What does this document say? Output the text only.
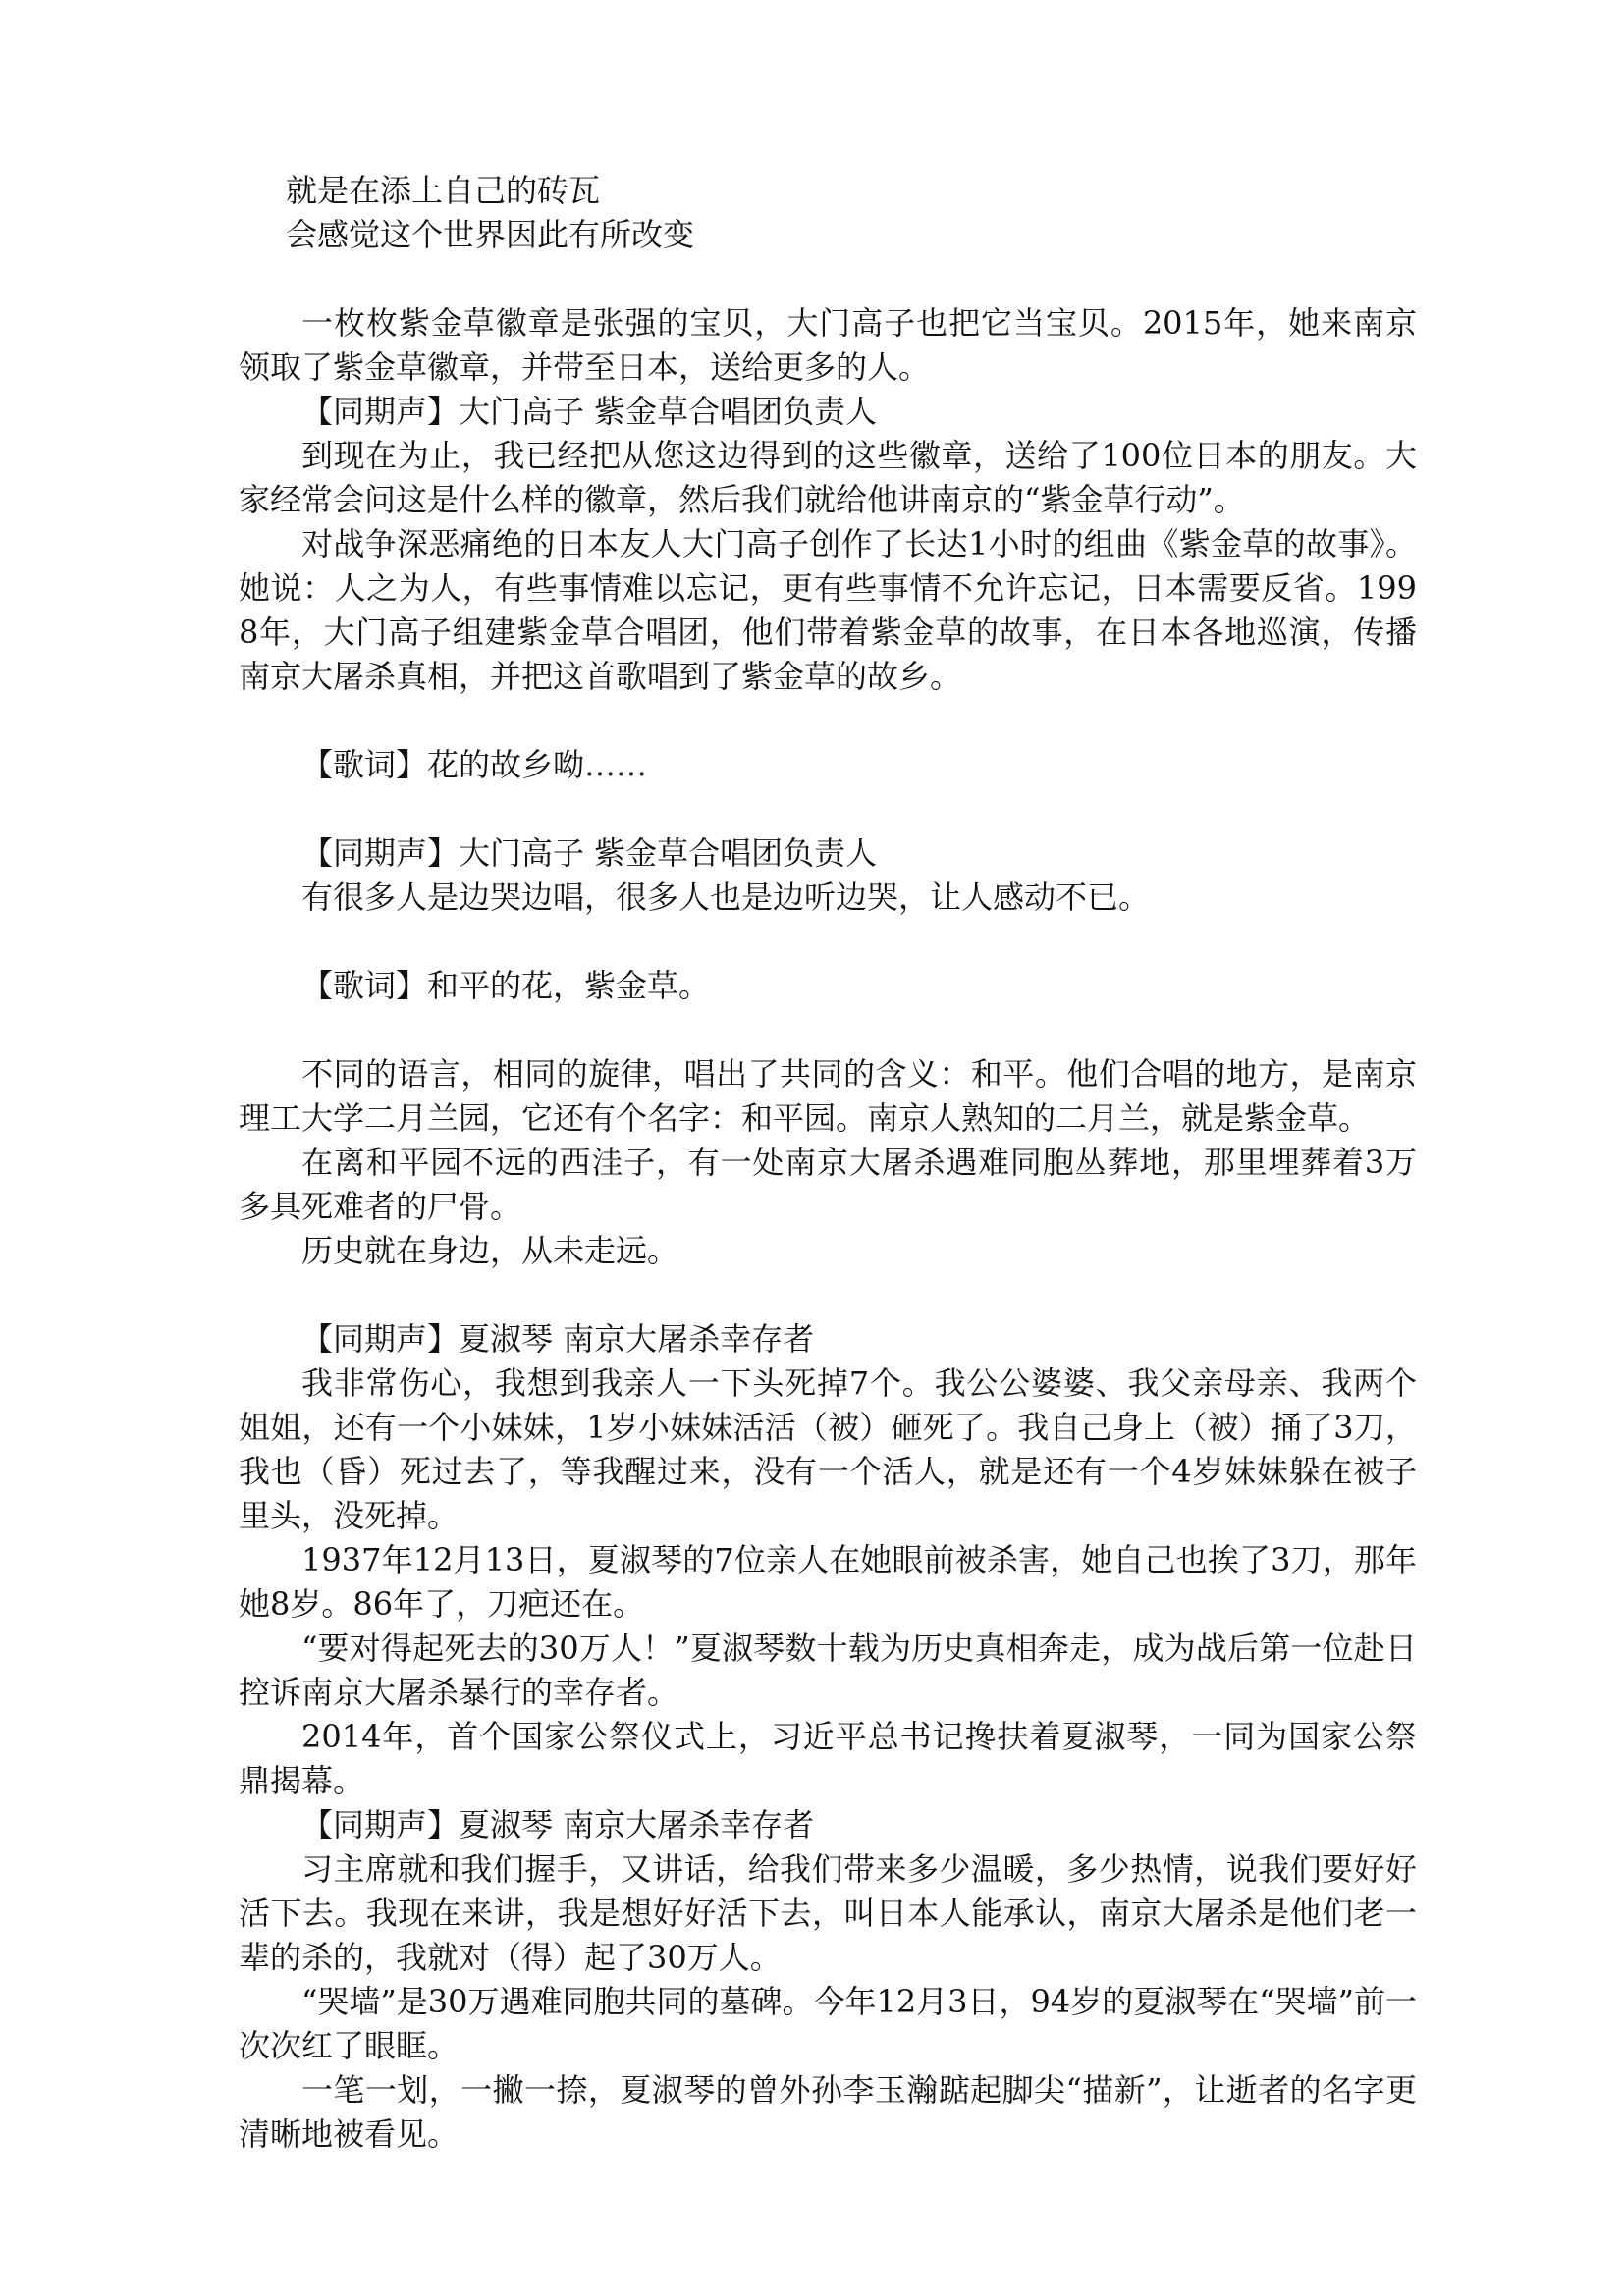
就是在添上自己的砖瓦

会感觉这个世界因此有所改变

一枚枚紫金草徽章是张强的宝贝，大门高子也把它当宝贝。2015年，她来南京领取了紫金草徽章，并带至日本，送给更多的人。

【同期声】大门高子 紫金草合唱团负责人

到现在为止，我已经把从您这边得到的这些徽章，送给了100位日本的朋友。大家经常会问这是什么样的徽章，然后我们就给他讲南京的“紫金草行动”。

对战争深恶痛绝的日本友人大门高子创作了长达1小时的组曲《紫金草的故事》。她说：人之为人，有些事情难以忘记，更有些事情不允许忘记，日本需要反省。1998年，大门高子组建紫金草合唱团，他们带着紫金草的故事，在日本各地巡演，传播南京大屠杀真相，并把这首歌唱到了紫金草的故乡。

【歌词】花的故乡呦……

【同期声】大门高子 紫金草合唱团负责人

有很多人是边哭边唱，很多人也是边听边哭，让人感动不已。

【歌词】和平的花，紫金草。

不同的语言，相同的旋律，唱出了共同的含义：和平。他们合唱的地方，是南京理工大学二月兰园，它还有个名字：和平园。南京人熟知的二月兰，就是紫金草。

在离和平园不远的西洼子，有一处南京大屠杀遇难同胞丛葬地，那里埋葬着3万多具死难者的尸骨。

历史就在身边，从未走远。

【同期声】夏淑琴 南京大屠杀幸存者

我非常伤心，我想到我亲人一下头死掉7个。我公公婆婆、我父亲母亲、我两个姐姐，还有一个小妹妹，1岁小妹妹活活（被）砸死了。我自己身上（被）捅了3刀，我也（昏）死过去了，等我醒过来，没有一个活人，就是还有一个4岁妹妹躲在被子里头，没死掉。

1937年12月13日，夏淑琴的7位亲人在她眼前被杀害，她自己也挨了3刀，那年她8岁。86年了，刀疤还在。

“要对得起死去的30万人！”夏淑琴数十载为历史真相奔走，成为战后第一位赴日控诉南京大屠杀暴行的幸存者。

2014年，首个国家公祭仪式上，习近平总书记搀扶着夏淑琴，一同为国家公祭鼎揭幕。

【同期声】夏淑琴 南京大屠杀幸存者

习主席就和我们握手，又讲话，给我们带来多少温暖，多少热情，说我们要好好活下去。我现在来讲，我是想好好活下去，叫日本人能承认，南京大屠杀是他们老一辈的杀的，我就对（得）起了30万人。

“哭墙”是30万遇难同胞共同的墓碑。今年12月3日，94岁的夏淑琴在“哭墙”前一次次红了眼眶。

一笔一划，一撇一捺，夏淑琴的曾外孙李玉瀚踮起脚尖“描新”，让逝者的名字更清晰地被看见。
